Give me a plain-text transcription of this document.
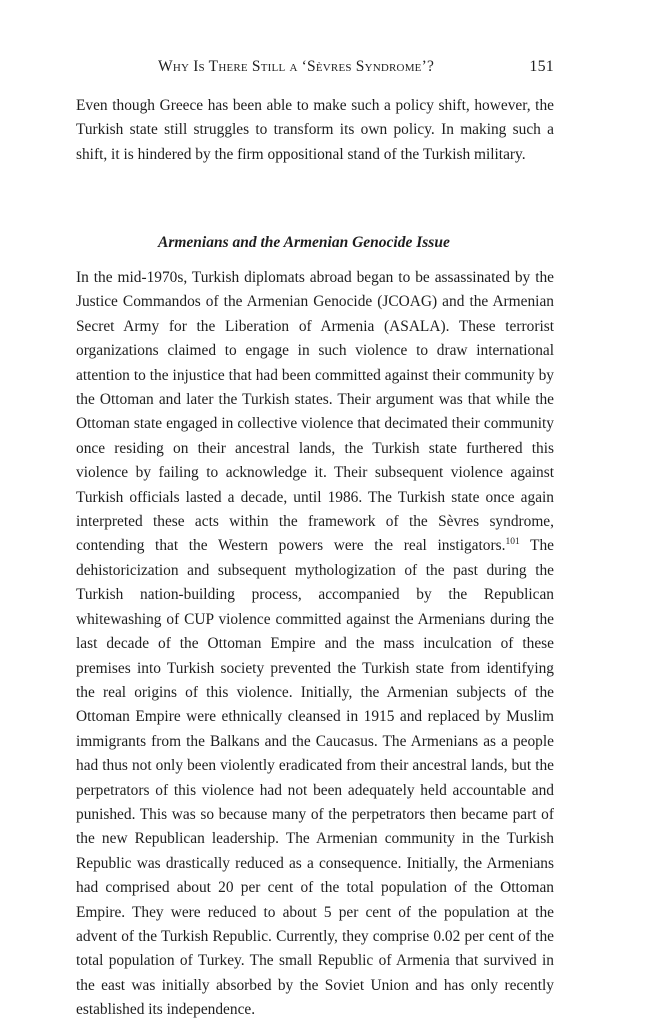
Why Is There Still a ‘Sèvres Syndrome’?	151

Even though Greece has been able to make such a policy shift, however, the Turkish state still struggles to transform its own policy. In making such a shift, it is hindered by the firm oppositional stand of the Turkish military.

Armenians and the Armenian Genocide Issue

In the mid-1970s, Turkish diplomats abroad began to be assassinated by the Justice Commandos of the Armenian Genocide (JCOAG) and the Armenian Secret Army for the Liberation of Armenia (ASALA). These terrorist organizations claimed to engage in such violence to draw international attention to the injustice that had been committed against their community by the Ottoman and later the Turkish states. Their argument was that while the Ottoman state engaged in collective violence that decimated their community once residing on their ancestral lands, the Turkish state furthered this violence by failing to acknowledge it. Their subsequent violence against Turkish officials lasted a decade, until 1986. The Turkish state once again interpreted these acts within the framework of the Sèvres syndrome, contending that the Western powers were the real instigators.$^{101}$ The dehistoricization and subsequent mythologization of the past during the Turkish nation-building process, accompanied by the Republican whitewashing of CUP violence committed against the Armenians during the last decade of the Ottoman Empire and the mass inculcation of these premises into Turkish society prevented the Turkish state from identifying the real origins of this violence. Initially, the Armenian subjects of the Ottoman Empire were ethnically cleansed in 1915 and replaced by Muslim immigrants from the Balkans and the Caucasus. The Armenians as a people had thus not only been violently eradicated from their ancestral lands, but the perpetrators of this violence had not been adequately held accountable and punished. This was so because many of the perpetrators then became part of the new Republican leadership. The Armenian community in the Turkish Republic was drastically reduced as a consequence. Initially, the Armenians had comprised about 20 per cent of the total population of the Ottoman Empire. They were reduced to about 5 per cent of the population at the advent of the Turkish Republic. Currently, they comprise 0.02 per cent of the total population of Turkey. The small Republic of Armenia that survived in the east was initially absorbed by the Soviet Union and has only recently established its independence.
